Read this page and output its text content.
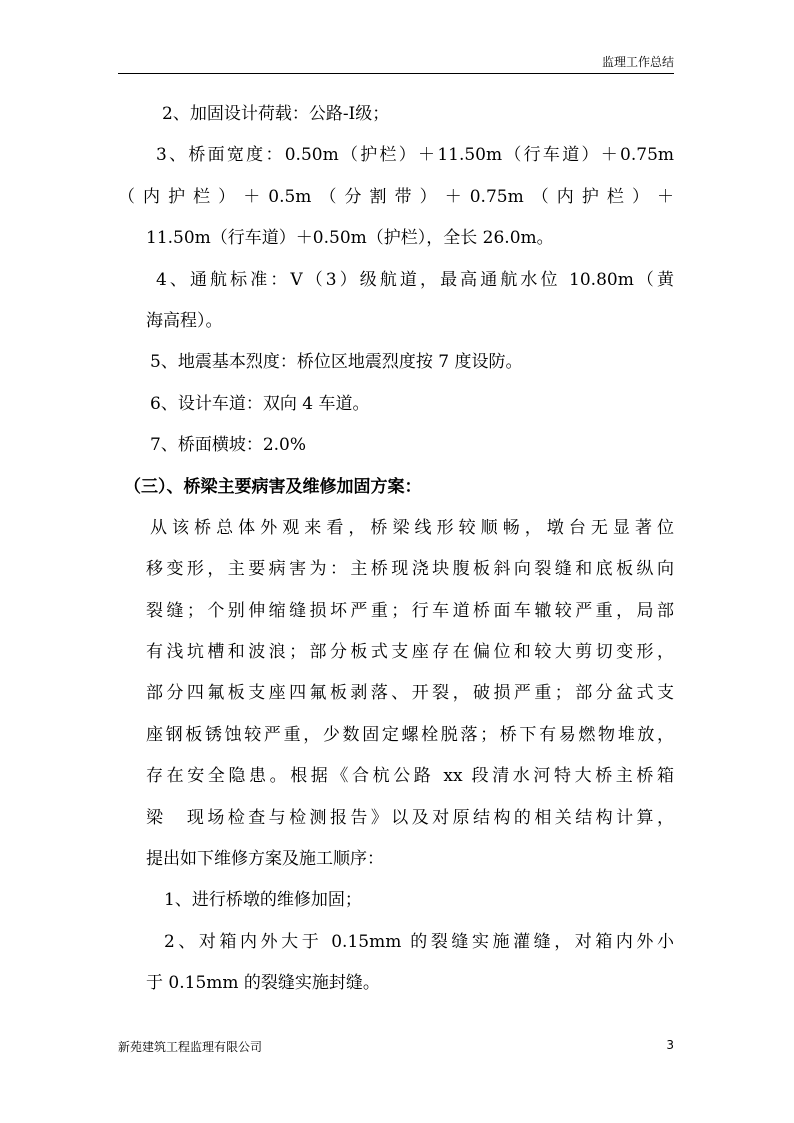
监理工作总结
2、加固设计荷载：公路-Ⅰ级；
3、桥面宽度：0.50m（护栏）＋11.50m（行车道）＋0.75m
（内护栏）＋0.5m（分割带）＋0.75m（内护栏）＋
11.50m（行车道）＋0.50m（护栏），全长 26.0m。
4、通航标准：Ⅴ（3）级航道，最高通航水位 10.80m（黄
海高程）。
5、地震基本烈度：桥位区地震烈度按 7 度设防。
6、设计车道：双向 4 车道。
7、桥面横坡：2.0%
（三）、桥梁主要病害及维修加固方案：
从该桥总体外观来看，桥梁线形较顺畅，墩台无显著位
移变形，主要病害为：主桥现浇块腹板斜向裂缝和底板纵向
裂缝；个别伸缩缝损坏严重；行车道桥面车辙较严重，局部
有浅坑槽和波浪；部分板式支座存在偏位和较大剪切变形，
部分四氟板支座四氟板剥落、开裂，破损严重；部分盆式支
座钢板锈蚀较严重，少数固定螺栓脱落；桥下有易燃物堆放，
存在安全隐患。根据《合杭公路 xx 段清水河特大桥主桥箱
梁　现场检查与检测报告》以及对原结构的相关结构计算，
提出如下维修方案及施工顺序：
1、进行桥墩的维修加固；
2、对箱内外大于 0.15mm 的裂缝实施灌缝，对箱内外小
于 0.15mm 的裂缝实施封缝。
新苑建筑工程监理有限公司	3
